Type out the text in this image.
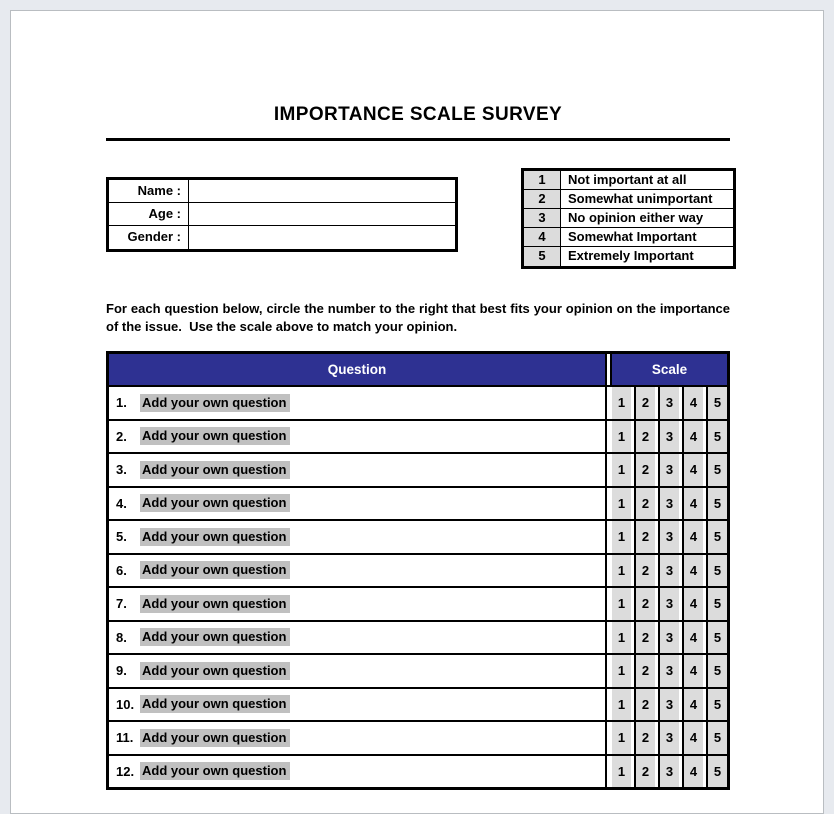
IMPORTANCE SCALE SURVEY
Name :
Age :
Gender :
1	Not important at all
2	Somewhat unimportant
3	No opinion either way
4	Somewhat Important
5	Extremely Important

For each question below, circle the number to the right that best fits your opinion on the importance of the issue.  Use the scale above to match your opinion.

Question	Scale
1.	Add your own question	1	2	3	4	5
2.	Add your own question	1	2	3	4	5
3.	Add your own question	1	2	3	4	5
4.	Add your own question	1	2	3	4	5
5.	Add your own question	1	2	3	4	5
6.	Add your own question	1	2	3	4	5
7.	Add your own question	1	2	3	4	5
8.	Add your own question	1	2	3	4	5
9.	Add your own question	1	2	3	4	5
10. Add your own question	1	2	3	4	5
11. Add your own question	1	2	3	4	5
12. Add your own question	1	2	3	4	5
